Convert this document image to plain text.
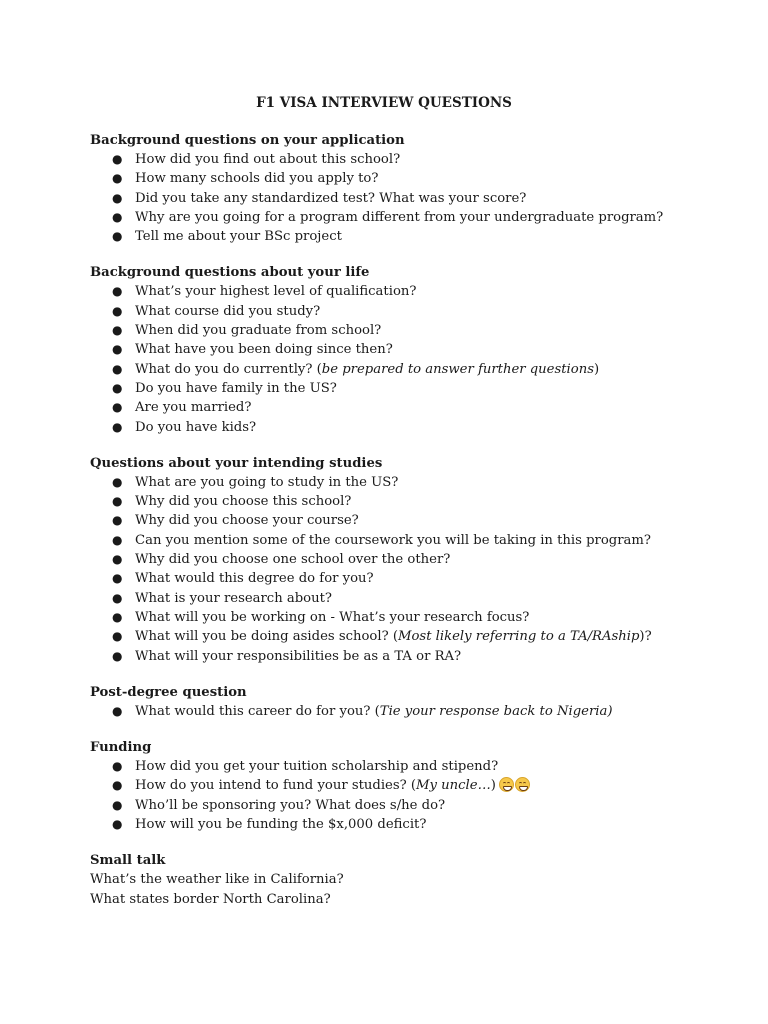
F1 VISA INTERVIEW QUESTIONS
Background questions on your application
● How did you find out about this school?
● How many schools did you apply to?
● Did you take any standardized test? What was your score?
● Why are you going for a program different from your undergraduate program?
● Tell me about your BSc project
Background questions about your life
● What’s your highest level of qualification?
● What course did you study?
● When did you graduate from school?
● What have you been doing since then?
● What do you do currently? (be prepared to answer further questions)
● Do you have family in the US?
● Are you married?
● Do you have kids?
Questions about your intending studies
● What are you going to study in the US?
● Why did you choose this school?
● Why did you choose your course?
● Can you mention some of the coursework you will be taking in this program?
● Why did you choose one school over the other?
● What would this degree do for you?
● What is your research about?
● What will you be working on - What’s your research focus?
● What will you be doing asides school? (Most likely referring to a TA/RAship)?
● What will your responsibilities be as a TA or RA?
Post-degree question
● What would this career do for you? (Tie your response back to Nigeria)
Funding
● How did you get your tuition scholarship and stipend?
● How do you intend to fund your studies? (My uncle…)
● Who’ll be sponsoring you? What does s/he do?
● How will you be funding the $x,000 deficit?
Small talk
What’s the weather like in California?
What states border North Carolina?
